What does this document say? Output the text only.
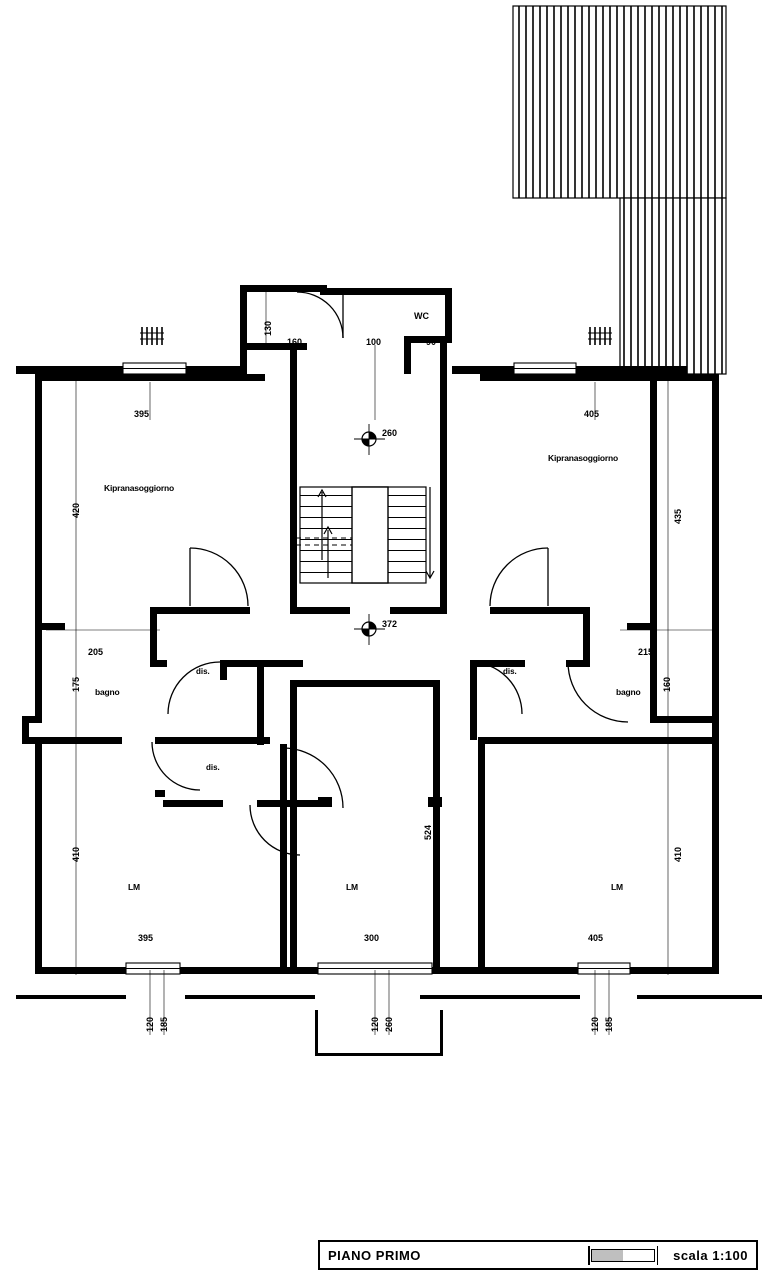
Kipranasoggiorno
Kipranasoggiorno
WC
bagno	bagno
dis.	dis.
dis.
LM	LM	LM
395	405
160	100	90
205	215
395	300	405
260
372
130
420	435
175	160
410	410
524
120 185	120 260	120 185
PIANO PRIMO	scala 1:100
